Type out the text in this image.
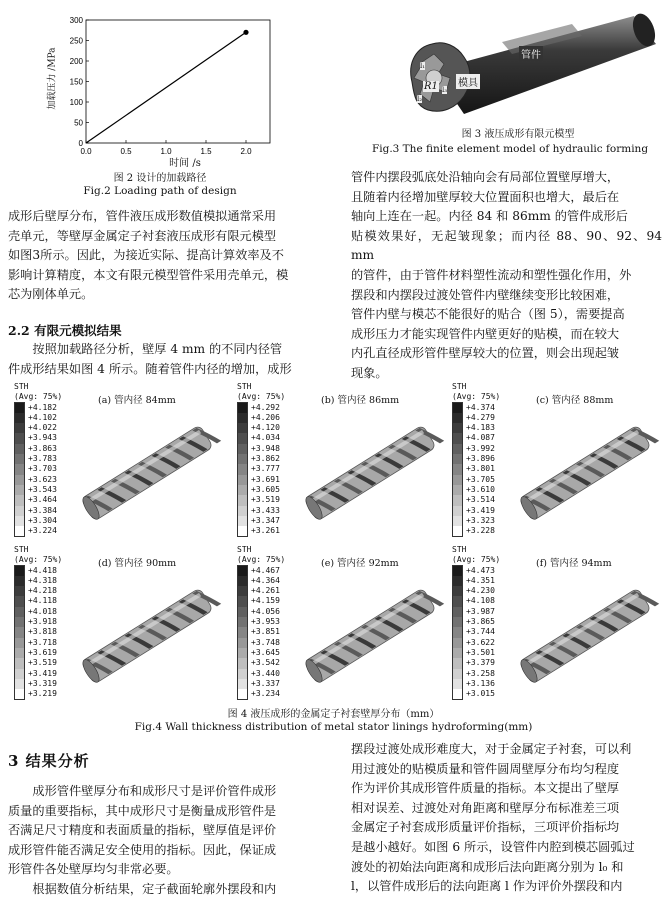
0.0	0.5	1.0	1.5	2.0
0
50
100
150
200
250
300
时间 /s
加载压力 /MPa
图 2 设计的加载路径
Fig.2 Loading path of design
管件
模具
R1
l₁
l₂
l₃
图 3 液压成形有限元模型
Fig.3 The finite element model of hydraulic forming

管件内摆段弧底处沿轴向会有局部位置壁厚增大，

且随着内径增加壁厚较大位置面积也增大，最后在

轴向上连在一起。内径 84 和 86mm 的管件成形后

贴模效果好，无起皱现象；而内径 88、90、92、94 mm

的管件，由于管件材料塑性流动和塑性强化作用，外

摆段和内摆段过渡处管件内壁继续变形比较困难，

管件内壁与模芯不能很好的贴合（图 5），需要提高

成形压力才能实现管件内壁更好的贴模，而在较大

内孔直径成形管件壁厚较大的位置，则会出现起皱

现象。

成形后壁厚分布，管件液压成形数值模拟通常采用

壳单元，等壁厚金属定子衬套液压成形有限元模型

如图3所示。因此，为接近实际、提高计算效率及不

影响计算精度，本文有限元模型管件采用壳单元，模

芯为刚体单元。

2.2 有限元模拟结果

按照加载路径分析，壁厚 4 mm 的不同内径管

件成形结果如图 4 所示。随着管件内径的增加，成形

STH
(Avg: 75%)
+4.182
+4.102
+4.022
+3.943
+3.863
+3.783
+3.703
+3.623
+3.543
+3.464
+3.384
+3.304
+3.224
(a) 管内径 84mm
STH
(Avg: 75%)
+4.292
+4.206
+4.120
+4.034
+3.948
+3.862
+3.777
+3.691
+3.605
+3.519
+3.433
+3.347
+3.261
(b) 管内径 86mm
STH
(Avg: 75%)
+4.374
+4.279
+4.183
+4.087
+3.992
+3.896
+3.801
+3.705
+3.610
+3.514
+3.419
+3.323
+3.228
(c) 管内径 88mm
STH
(Avg: 75%)
+4.418
+4.318
+4.218
+4.118
+4.018
+3.918
+3.818
+3.718
+3.619
+3.519
+3.419
+3.319
+3.219
(d) 管内径 90mm
STH
(Avg: 75%)
+4.467
+4.364
+4.261
+4.159
+4.056
+3.953
+3.851
+3.748
+3.645
+3.542
+3.440
+3.337
+3.234
(e) 管内径 92mm
STH
(Avg: 75%)
+4.473
+4.351
+4.230
+4.108
+3.987
+3.865
+3.744
+3.622
+3.501
+3.379
+3.258
+3.136
+3.015
(f) 管内径 94mm
图 4 液压成形的金属定子衬套壁厚分布（mm）
Fig.4 Wall thickness distribution of metal stator linings hydroforming(mm)
3 结果分析

成形管件壁厚分布和成形尺寸是评价管件成形

质量的重要指标，其中成形尺寸是衡量成形管件是

否满足尺寸精度和表面质量的指标，壁厚值是评价

成形管件能否满足安全使用的指标。因此，保证成

形管件各处壁厚均匀非常必要。

根据数值分析结果，定子截面轮廓外摆段和内

摆段过渡处成形难度大，对于金属定子衬套，可以利

用过渡处的贴模质量和管件圆周壁厚分布均匀程度

作为评价其成形管件质量的指标。本文提出了壁厚

相对误差、过渡处对角距离和壁厚分布标准差三项

金属定子衬套成形质量评价指标，三项评价指标均

是越小越好。如图 6 所示，设管件内腔到模芯圆弧过

渡处的初始法向距离和成形后法向距离分别为 l₀ 和

l，以管件成形后的法向距离 l 作为评价外摆段和内
